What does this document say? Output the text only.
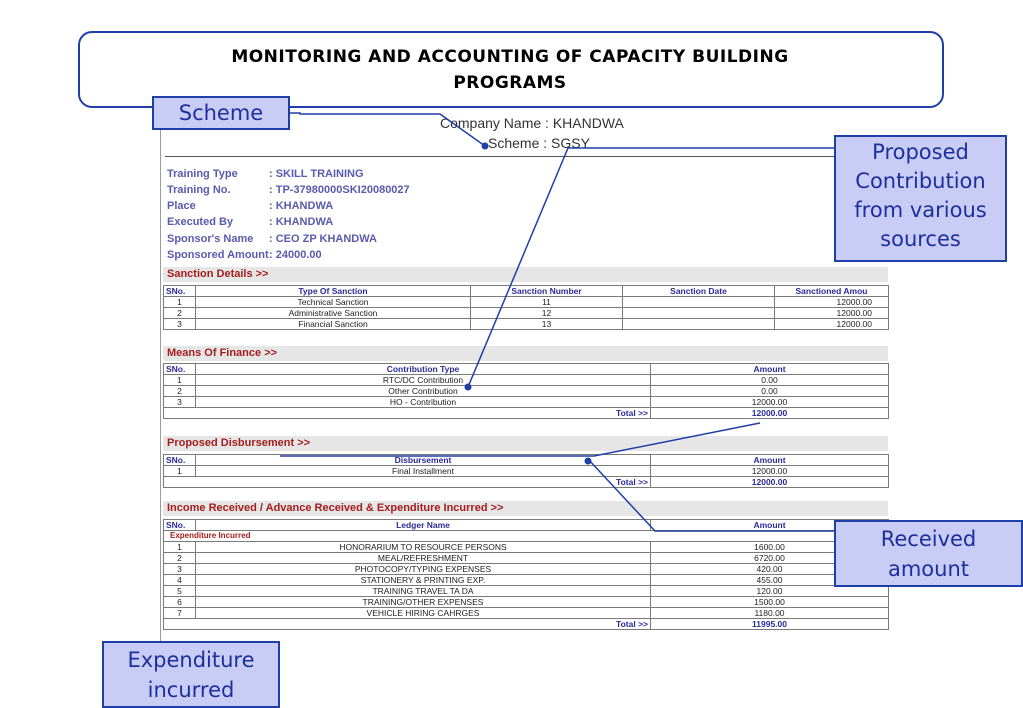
MONITORING AND ACCOUNTING OF CAPACITY BUILDING
PROGRAMS
Company Name : KHANDWA
Scheme : SGSY
Training Type	: SKILL TRAINING
Training No.	: TP-37980000SKI20080027
Place	: KHANDWA
Executed By	: KHANDWA
Sponsor's Name : CEO ZP KHANDWA
Sponsored Amount: 24000.00
Sanction Details >>
SNo.	Type Of Sanction	Sanction Number	Sanction Date	Sanctioned Amou
1	Technical Sanction	11		12000.00
2	Administrative Sanction	12		12000.00
3	Financial Sanction	13		12000.00
Means Of Finance >>
SNo.	Contribution Type	Amount
1	RTC/DC Contribution	0.00
2	Other Contribution	0.00
3	HO - Contribution	12000.00
	Total >>	12000.00
Proposed Disbursement >>
SNo.	Disbursement	Amount
1	Final Installment	12000.00
	Total >>	12000.00
Income Received / Advance Received & Expenditure Incurred >>
SNo.	Ledger Name	Amount
Expenditure Incurred		
1	HONORARIUM TO RESOURCE PERSONS	1600.00
2	MEAL/REFRESHMENT	6720.00
3	PHOTOCOPY/TYPING EXPENSES	420.00
4	STATIONERY & PRINTING EXP.	455.00
5	TRAINING TRAVEL TA DA	120.00
6	TRAINING/OTHER EXPENSES	1500.00
7	VEHICLE HIRING CAHRGES	1180.00
	Total >>	11995.00
Scheme
Proposed
Contribution
from various
sources
Received
amount
Expenditure
incurred
